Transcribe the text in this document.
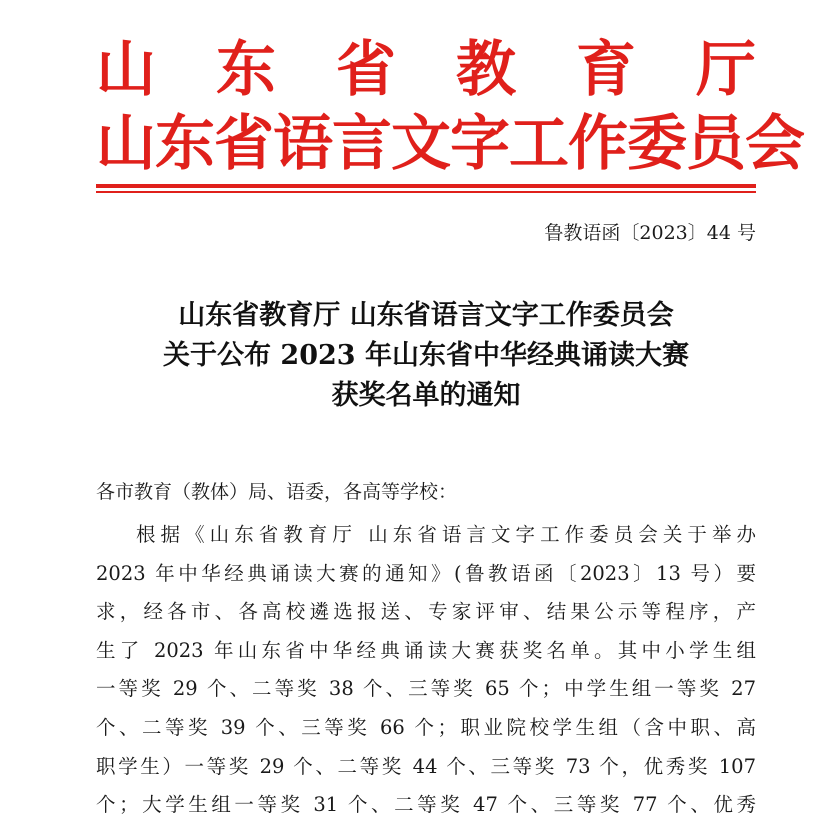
山 东 省 教 育 厅
山东省语言文字工作委员会
鲁教语函〔2023〕44 号
山东省教育厅 山东省语言文字工作委员会
关于公布 2023 年山东省中华经典诵读大赛
获奖名单的通知
各市教育（教体）局、语委，各高等学校：
根据《山东省教育厅 山东省语言文字工作委员会关于举办
2023 年中华经典诵读大赛的通知》(鲁教语函〔2023〕13 号）要
求，经各市、各高校遴选报送、专家评审、结果公示等程序，产
生了 2023 年山东省中华经典诵读大赛获奖名单。其中小学生组
一等奖 29 个、二等奖 38 个、三等奖 65 个；中学生组一等奖 27
个、二等奖 39 个、三等奖 66 个；职业院校学生组（含中职、高
职学生）一等奖 29 个、二等奖 44 个、三等奖 73 个，优秀奖 107
个；大学生组一等奖 31 个、二等奖 47 个、三等奖 77 个、优秀
